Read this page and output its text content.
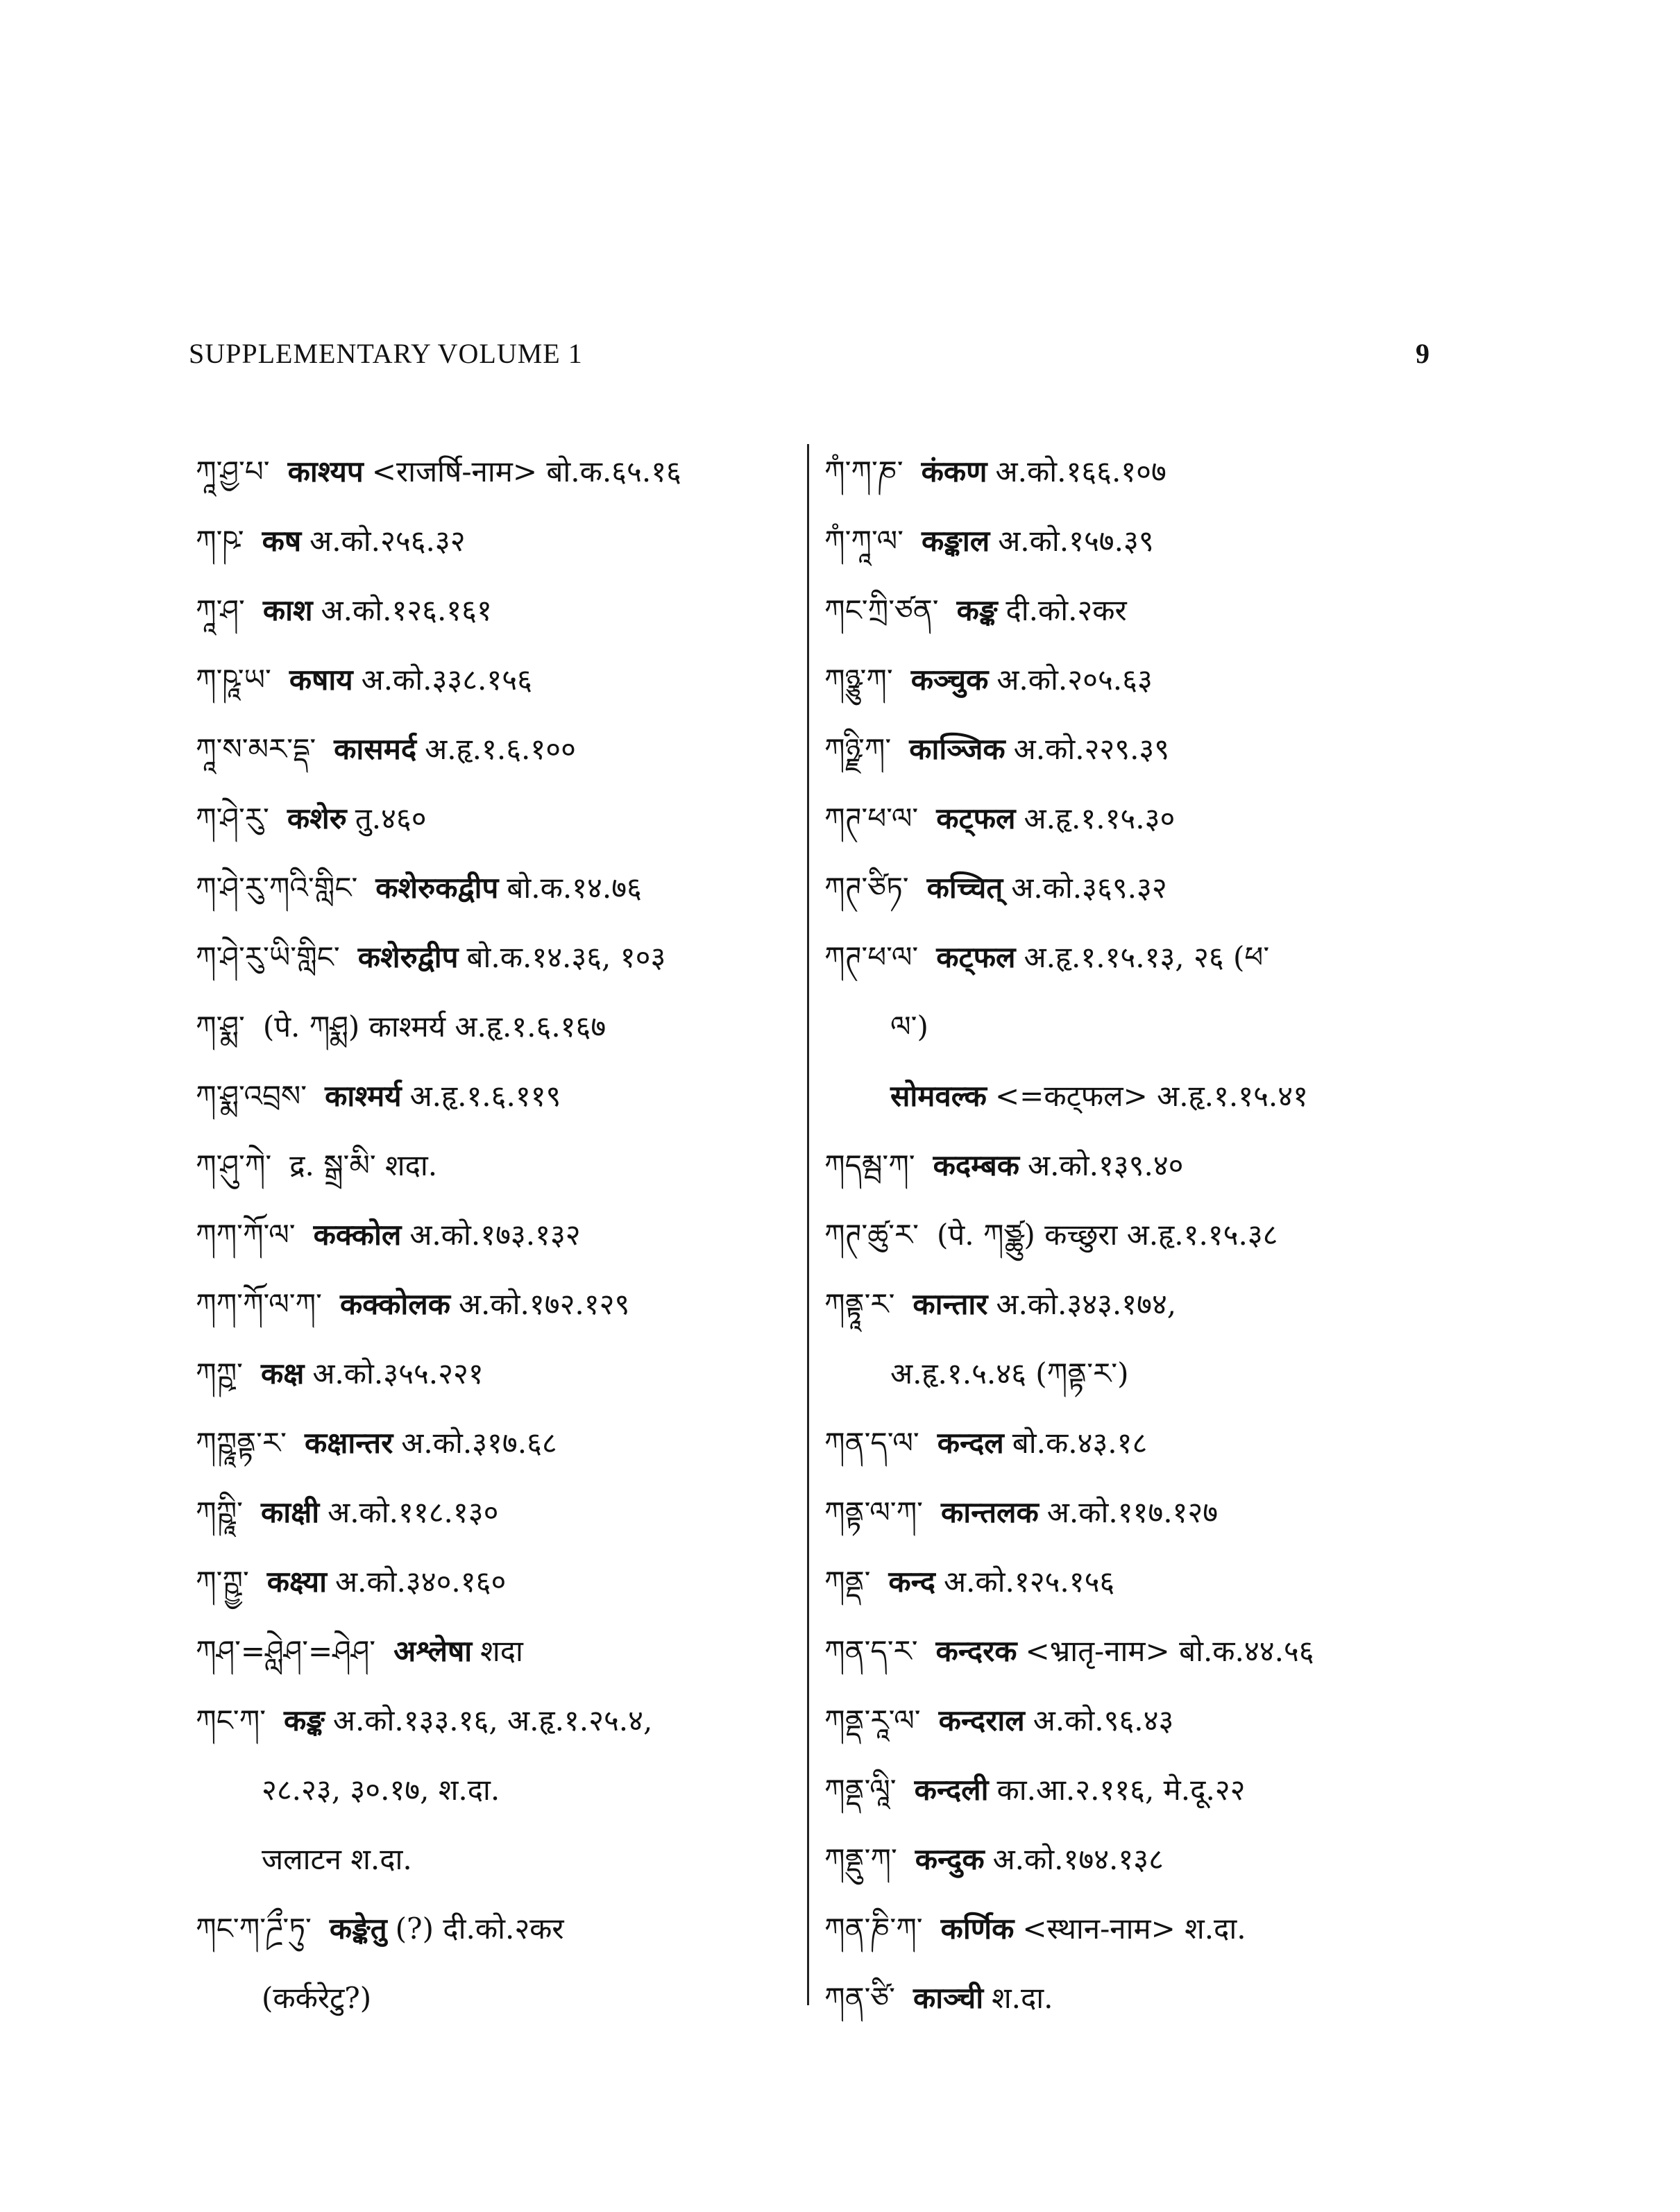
SUPPLEMENTARY VOLUME 1	9
ཀཱ་ཤྱ་པ་ काश्यप <राजर्षि-नाम> बो.क.६५.१६
ཀ་ཥ་ कष अ.को.२५६.३२
ཀཱ་ཤ་ काश अ.को.१२६.१६१
ཀ་ཥཱ་ཡ་ कषाय अ.को.३३८.१५६
ཀཱ་ས་མར་དྡ་ कासमर्द अ.हृ.१.६.१००
ཀ་ཤེ་རུ་ कशेरु तु.४६०
ཀ་ཤེ་རུ་ཀའི་གླིང་ कशेरुकद्वीप बो.क.१४.७६
ཀ་ཤེ་རུ་ཡི་གླིང་ कशेरुद्वीप बो.क.१४.३६, १०३
ཀ་ཤྨ་ (पे. ཀཤྨ) काश्मर्य अ.हृ.१.६.१६७
ཀ་ཤྨ་འབྲས་ काश्मर्य अ.हृ.१.६.११९
ཀ་ཤུ་ཀེ་ द्र. སྒྲ་མི་ शदा.
ཀཀ་ཀོ་ལ་ कक्कोल अ.को.१७३.१३२
ཀཀ་ཀོ་ལ་ཀ་ कक्कोलक अ.को.१७२.१२९
ཀཀྵ་ कक्ष अ.को.३५५.२२१
ཀཀྵཱནྟ་ར་ कक्षान्तर अ.को.३१७.६८
ཀཀྵཱི་ काक्षी अ.को.११८.१३०
ཀ་ཀྵྱ་ कक्ष्या अ.को.३४०.१६०
ཀཤ་=ཤླེཤ་=ཤེཤ་ अश्लेषा शदा
ཀང་ཀ་ कङ्क अ.को.१३३.१६, अ.हृ.१.२५.४,
२८.२३, ३०.१७, श.दा.
जलाटन श.दा.
ཀང་ཀ་ཌྲྀ་ཏུ་ कङ्केतु (?) दी.को.२कर
(कर्करेटु?)
ཀཾ་ཀ་ཎ་ कंकण अ.को.१६६.१०७
ཀཾ་ཀཱ་ལ་ कङ्काल अ.को.१५७.३९
ཀང་ཀྲི་ཙན་ कङ्क दी.को.२कर
ཀཉྩུ་ཀ་ कञ्चुक अ.को.२०५.६३
ཀཉྫི་ཀ་ काञ्जिक अ.को.२२९.३९
ཀཊ་ཕ་ལ་ कट्फल अ.हृ.१.१५.३०
ཀཊ་ཙིཏ་ कच्चित् अ.को.३६९.३२
ཀཊ་ཕ་ལ་ कट्फल अ.हृ.१.१५.१३, २६ (ཕ་
ལ་)
सोमवल्क <=कट्फल> अ.हृ.१.१५.४१
ཀདམྦ་ཀ་ कदम्बक अ.को.१३९.४०
ཀཊ་ཚུ་ར་ (पे. ཀཙྪུ) कच्छुरा अ.हृ.१.१५.३८
ཀནྟཱ་ར་ कान्तार अ.को.३४३.१७४,
अ.हृ.१.५.४६ (ཀནྟ་ར་)
ཀན་ད་ལ་ कन्दल बो.क.४३.१८
ཀནྟ་ལ་ཀ་ कान्तलक अ.को.११७.१२७
ཀནྡ་ कन्द अ.को.१२५.१५६
ཀན་ད་ར་ कन्दरक <भ्रातृ-नाम> बो.क.४४.५६
ཀནྡ་རཱ་ལ་ कन्दराल अ.को.९६.४३
ཀནྡ་ལཱི་ कन्दली का.आ.२.११६, मे.दू.२२
ཀནྡུ་ཀ་ कन्दुक अ.को.१७४.१३८
ཀན་ཎི་ཀ་ कर्णिक <स्थान-नाम> श.दा.
ཀན་ཙི་ काञ्ची श.दा.
